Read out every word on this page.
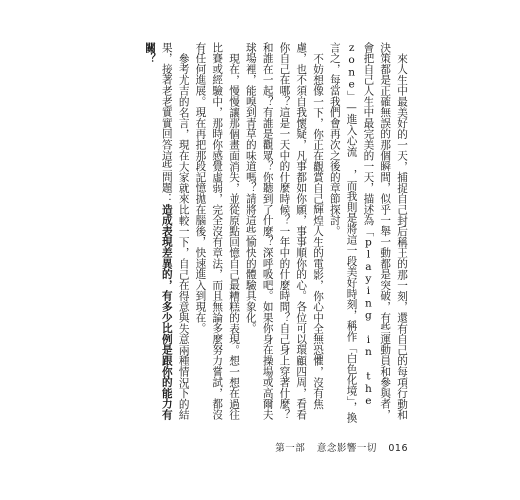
來人生中最美好的一天，捕捉自己封后稱王的那一刻，還有自己的每項行動和決策都是正確無誤的那個瞬間，似乎一舉一動都是突破，有些運動員和參與者，會把自己人生中最完美的一天，描述為「playing in the zone」—進入心流 ，而我則是將這一段美好時刻，稱作「白色化境」，換言之，每當我們會再次之後的章節探討。

不妨想像一下，你正在觀賞自己輝煌人生的電影，你心中全無恐懼，沒有焦慮，也不須自我懷疑，凡事都如你願，事事順你的心。各位可以環顧四周，看看你自己在哪？這是一天中的什麼時候？一年中的什麼時間？自己身上穿著什麼？和誰在一起？有誰是觀眾？你聽到了什麼？深呼吸吧。如果你身在操場或高爾夫球場裡，能嗅到青草的味道嗎？請將這些愉快的體驗具象化。

現在，慢慢讓那個畫面消失，並從原點回憶自己最糟糕的表現。想一想在過往比賽或經驗中，那時你感覺虛弱，完全沒有章法，而且無論多麼努力嘗試，都沒有任何進展。現在再把那段記憶拋在腦後，快速進入到現在。

參考尤吉的名言，現在大家就來比較一下，自己在得意與失意兩種情況下的結果，接著老老實實回答這些問題：造成表現差異的，有多少比例是跟你的能力有關？

第一部 意念影響一切 016
